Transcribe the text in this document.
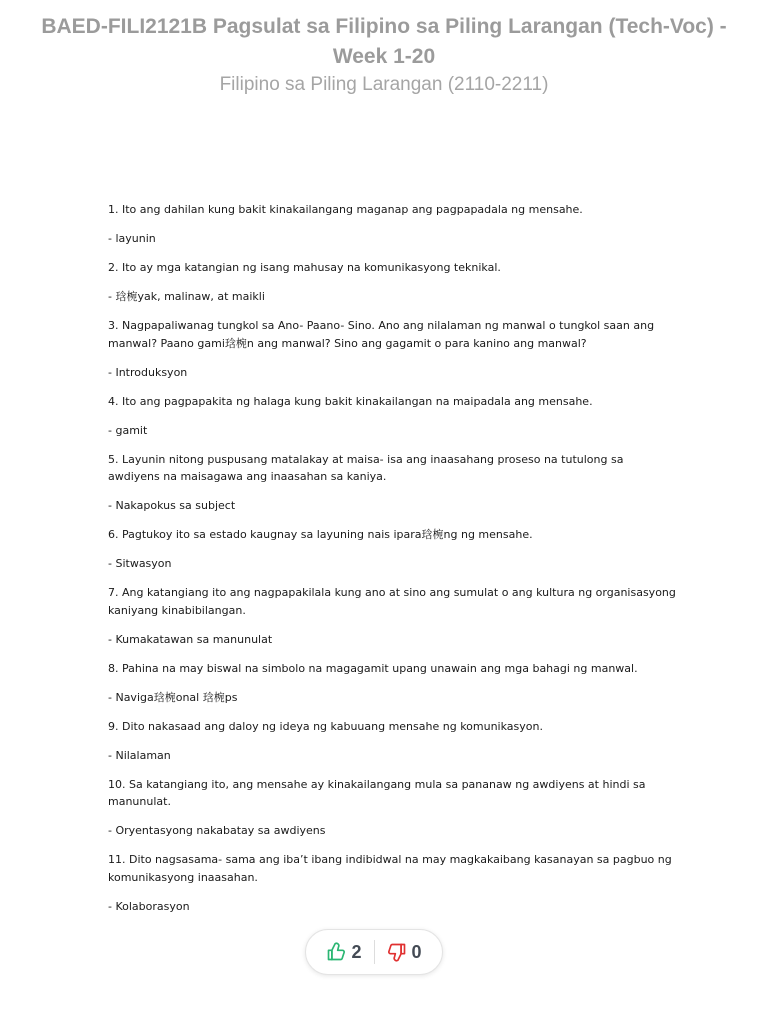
BAED-FILI2121B Pagsulat sa Filipino sa Piling Larangan (Tech-Voc) - Week 1-20
Filipino sa Piling Larangan (2110-2211)

1. Ito ang dahilan kung bakit kinakailangang maganap ang pagpapadala ng mensahe.

- layunin

2. Ito ay mga katangian ng isang mahusay na komunikasyong teknikal.

- 琀椀yak, malinaw, at maikli

3. Nagpapaliwanag tungkol sa Ano- Paano- Sino. Ano ang nilalaman ng manwal o tungkol saan ang manwal? Paano gami琀椀n ang manwal? Sino ang gagamit o para kanino ang manwal?

- Introduksyon

4. Ito ang pagpapakita ng halaga kung bakit kinakailangan na maipadala ang mensahe.

- gamit

5. Layunin nitong puspusang matalakay at maisa- isa ang inaasahang proseso na tutulong sa awdiyens na maisagawa ang inaasahan sa kaniya.

- Nakapokus sa subject

6. Pagtukoy ito sa estado kaugnay sa layuning nais ipara琀椀ng ng mensahe.

- Sitwasyon

7. Ang katangiang ito ang nagpapakilala kung ano at sino ang sumulat o ang kultura ng organisasyong kaniyang kinabibilangan.

- Kumakatawan sa manunulat

8. Pahina na may biswal na simbolo na magagamit upang unawain ang mga bahagi ng manwal.

- Naviga琀椀onal 琀椀ps

9. Dito nakasaad ang daloy ng ideya ng kabuuang mensahe ng komunikasyon.

- Nilalaman

10. Sa katangiang ito, ang mensahe ay kinakailangang mula sa pananaw ng awdiyens at hindi sa manunulat.

- Oryentasyong nakabatay sa awdiyens

11. Dito nagsasama- sama ang iba’t ibang indibidwal na may magkakaibang kasanayan sa pagbuo ng komunikasyong inaasahan.

- Kolaborasyon

2	0
